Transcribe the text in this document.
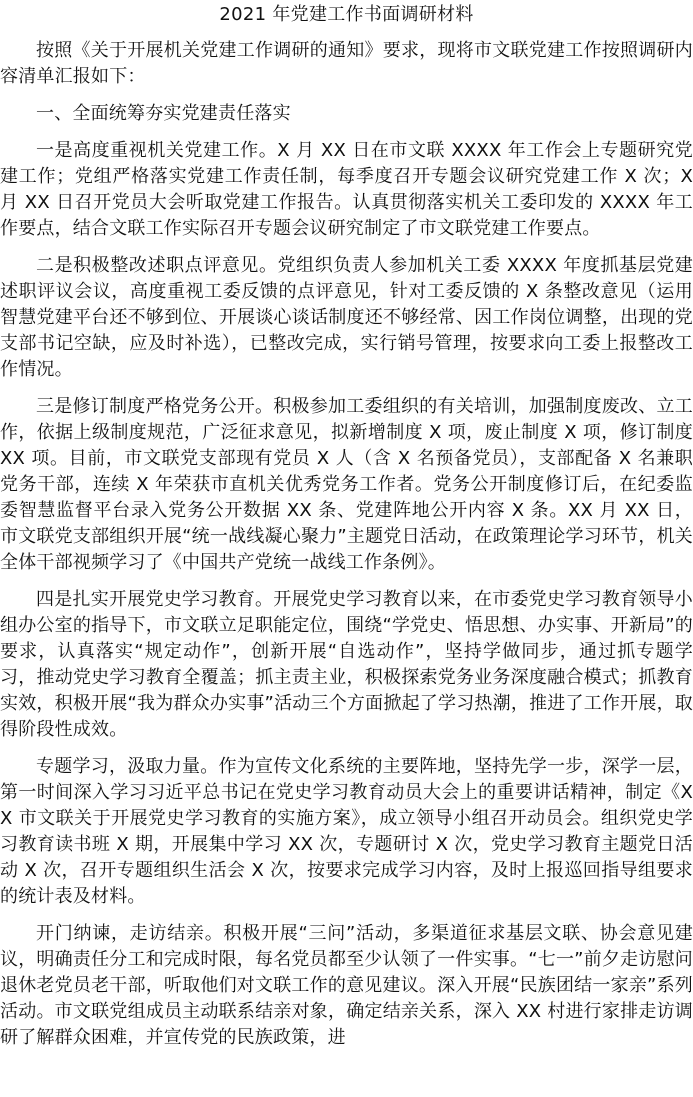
2021 年党建工作书面调研材料

按照《关于开展机关党建工作调研的通知》要求，现将市文联党建工作按照调研内容清单汇报如下：

一、全面统筹夯实党建责任落实

一是高度重视机关党建工作。X 月 XX 日在市文联 XXXX 年工作会上专题研究党建工作；党组严格落实党建工作责任制，每季度召开专题会议研究党建工作 X 次；X 月 XX 日召开党员大会听取党建工作报告。认真贯彻落实机关工委印发的 XXXX 年工作要点，结合文联工作实际召开专题会议研究制定了市文联党建工作要点。

二是积极整改述职点评意见。党组织负责人参加机关工委 XXXX 年度抓基层党建述职评议会议，高度重视工委反馈的点评意见，针对工委反馈的 X 条整改意见（运用智慧党建平台还不够到位、开展谈心谈话制度还不够经常、因工作岗位调整，出现的党支部书记空缺，应及时补选），已整改完成，实行销号管理，按要求向工委上报整改工作情况。

三是修订制度严格党务公开。积极参加工委组织的有关培训，加强制度废改、立工作，依据上级制度规范，广泛征求意见，拟新增制度 X 项，废止制度 X 项，修订制度 XX 项。目前，市文联党支部现有党员 X 人（含 X 名预备党员），支部配备 X 名兼职党务干部，连续 X 年荣获市直机关优秀党务工作者。党务公开制度修订后，在纪委监委智慧监督平台录入党务公开数据 XX 条、党建阵地公开内容 X 条。XX 月 XX 日，市文联党支部组织开展“统一战线凝心聚力”主题党日活动，在政策理论学习环节，机关全体干部视频学习了《中国共产党统一战线工作条例》。

四是扎实开展党史学习教育。开展党史学习教育以来，在市委党史学习教育领导小组办公室的指导下，市文联立足职能定位，围绕“学党史、悟思想、办实事、开新局”的要求，认真落实“规定动作”，创新开展“自选动作”，坚持学做同步，通过抓专题学习，推动党史学习教育全覆盖；抓主责主业，积极探索党务业务深度融合模式；抓教育实效，积极开展“我为群众办实事”活动三个方面掀起了学习热潮，推进了工作开展，取得阶段性成效。

专题学习，汲取力量。作为宣传文化系统的主要阵地，坚持先学一步，深学一层，第一时间深入学习习近平总书记在党史学习教育动员大会上的重要讲话精神，制定《XX 市文联关于开展党史学习教育的实施方案》，成立领导小组召开动员会。组织党史学习教育读书班 X 期，开展集中学习 XX 次，专题研讨 X 次，党史学习教育主题党日活动 X 次，召开专题组织生活会 X 次，按要求完成学习内容，及时上报巡回指导组要求的统计表及材料。

开门纳谏，走访结亲。积极开展“三问”活动，多渠道征求基层文联、协会意见建议，明确责任分工和完成时限，每名党员都至少认领了一件实事。“七一”前夕走访慰问退休老党员老干部，听取他们对文联工作的意见建议。深入开展“民族团结一家亲”系列活动。市文联党组成员主动联系结亲对象，确定结亲关系，深入 XX 村进行家排走访调研了解群众困难，并宣传党的民族政策，进
